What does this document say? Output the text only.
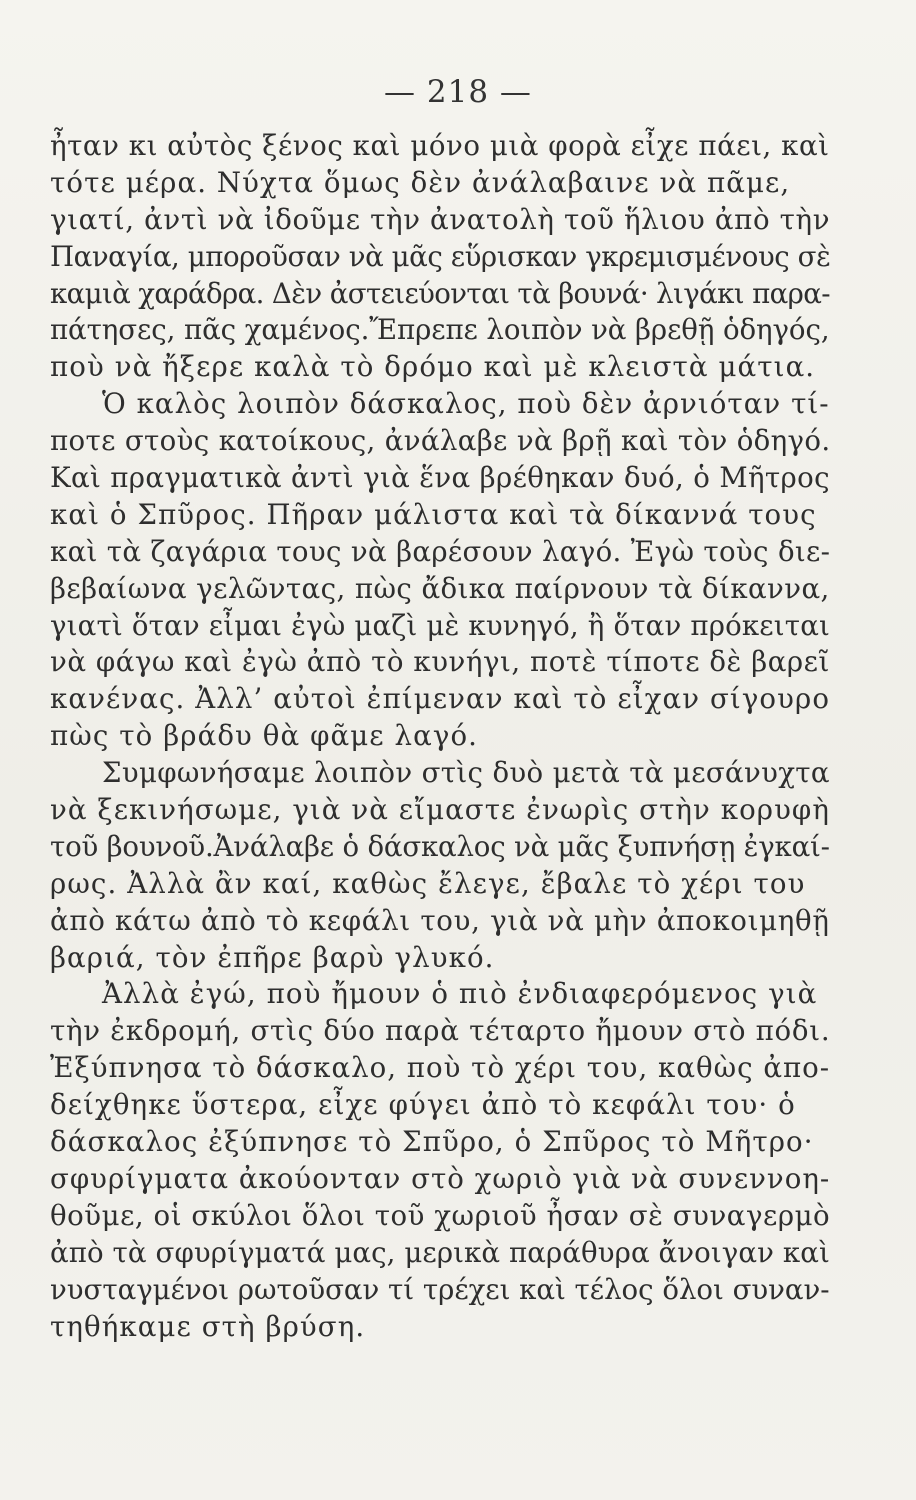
— 218 —
ἦταν κι αὐτὸς ξένος καὶ μόνο μιὰ φορὰ εἶχε πάει, καὶ
τότε μέρα. Νύχτα ὅμως δὲν ἀνάλαβαινε νὰ πᾶμε,
γιατί, ἀντὶ νὰ ἰδοῦμε τὴν ἀνατολὴ τοῦ ἥλιου ἀπὸ τὴν
Παναγία, μποροῦσαν νὰ μᾶς εὕρισκαν γκρεμισμένους σὲ
καμιὰ χαράδρα. Δὲν ἀστειεύονται τὰ βουνά· λιγάκι παρα-
πάτησες, πᾶς χαμένος.Ἔπρεπε λοιπὸν νὰ βρεθῇ ὁδηγός,
ποὺ νὰ ἤξερε καλὰ τὸ δρόμο καὶ μὲ κλειστὰ μάτια.
Ὁ καλὸς λοιπὸν δάσκαλος, ποὺ δὲν ἀρνιόταν τί-
ποτε στοὺς κατοίκους, ἀνάλαβε νὰ βρῇ καὶ τὸν ὁδηγό.
Καὶ πραγματικὰ ἀντὶ γιὰ ἕνα βρέθηκαν δυό, ὁ Μῆτρος
καὶ ὁ Σπῦρος. Πῆραν μάλιστα καὶ τὰ δίκαννά τους
καὶ τὰ ζαγάρια τους νὰ βαρέσουν λαγό. Ἐγὼ τοὺς διε-
βεβαίωνα γελῶντας, πὼς ἄδικα παίρνουν τὰ δίκαννα,
γιατὶ ὅταν εἶμαι ἐγὼ μαζὶ μὲ κυνηγό, ἢ ὅταν πρόκειται
νὰ φάγω καὶ ἐγὼ ἀπὸ τὸ κυνήγι, ποτὲ τίποτε δὲ βαρεῖ
κανένας. Ἀλλ’ αὐτοὶ ἐπίμεναν καὶ τὸ εἶχαν σίγουρο
πὼς τὸ βράδυ θὰ φᾶμε λαγό.
Συμφωνήσαμε λοιπὸν στὶς δυὸ μετὰ τὰ μεσάνυχτα
νὰ ξεκινήσωμε, γιὰ νὰ εἴμαστε ἐνωρὶς στὴν κορυφὴ
τοῦ βουνοῦ.Ἀνάλαβε ὁ δάσκαλος νὰ μᾶς ξυπνήσῃ ἐγκαί-
ρως. Ἀλλὰ ἂν καί, καθὼς ἔλεγε, ἔβαλε τὸ χέρι του
ἀπὸ κάτω ἀπὸ τὸ κεφάλι του, γιὰ νὰ μὴν ἀποκοιμηθῇ
βαριά, τὸν ἐπῆρε βαρὺ γλυκό.
Ἀλλὰ ἐγώ, ποὺ ἤμουν ὁ πιὸ ἐνδιαφερόμενος γιὰ
τὴν ἐκδρομή, στὶς δύο παρὰ τέταρτο ἤμουν στὸ πόδι.
Ἐξύπνησα τὸ δάσκαλο, ποὺ τὸ χέρι του, καθὼς ἀπο-
δείχθηκε ὕστερα, εἶχε φύγει ἀπὸ τὸ κεφάλι του· ὁ
δάσκαλος ἐξύπνησε τὸ Σπῦρο, ὁ Σπῦρος τὸ Μῆτρο·
σφυρίγματα ἀκούονταν στὸ χωριὸ γιὰ νὰ συνεννοη-
θοῦμε, οἱ σκύλοι ὅλοι τοῦ χωριοῦ ἦσαν σὲ συναγερμὸ
ἀπὸ τὰ σφυρίγματά μας, μερικὰ παράθυρα ἄνοιγαν καὶ
νυσταγμένοι ρωτοῦσαν τί τρέχει καὶ τέλος ὅλοι συναν-
τηθήκαμε στὴ βρύση.
